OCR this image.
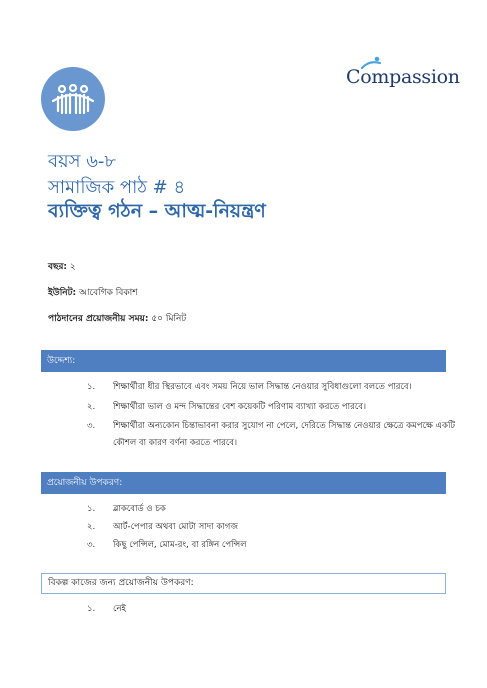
Compassion
বয়স ৬-৮
সামাজিক পাঠ # ৪
ব্যক্তিত্ব গঠন – আত্ম-নিয়ন্ত্রণ
বছর: ২
ইউনিট: আবেগিক বিকাশ
পাঠদানের প্রয়োজনীয় সময়: ৫০ মিনিট
উদ্দেশ্য:
১.	শিক্ষার্থীরা ধীর স্থিরভাবে এবং সময় নিয়ে ভাল সিদ্ধান্ত নেওয়ার সুবিধাগুলো বলতে পারবে।
২.	শিক্ষার্থীরা ভাল ও মন্দ সিদ্ধান্তের বেশ কয়েকটি পরিণাম ব্যাখ্যা করতে পারবে।
৩.	শিক্ষার্থীরা অন্যকোন চিন্তাভাবনা করার সুযোগ না পেলে, দেরিতে সিদ্ধান্ত নেওয়ার ক্ষেত্রে কমপক্ষে একটি কৌশল বা কারণ বর্ণনা করতে পারবে।
প্রয়োজনীয় উপকরণ:
১.	ব্লাকবোর্ড ও চক
২.	আর্ট-পেপার অথবা মোটা সাদা কাগজ
৩.	কিছু পেন্সিল, মোম-রং, বা রঙ্গিন পেন্সিল
বিকল্প কাজের জন্য প্রয়োজনীয় উপকরণ:
১.	নেই
